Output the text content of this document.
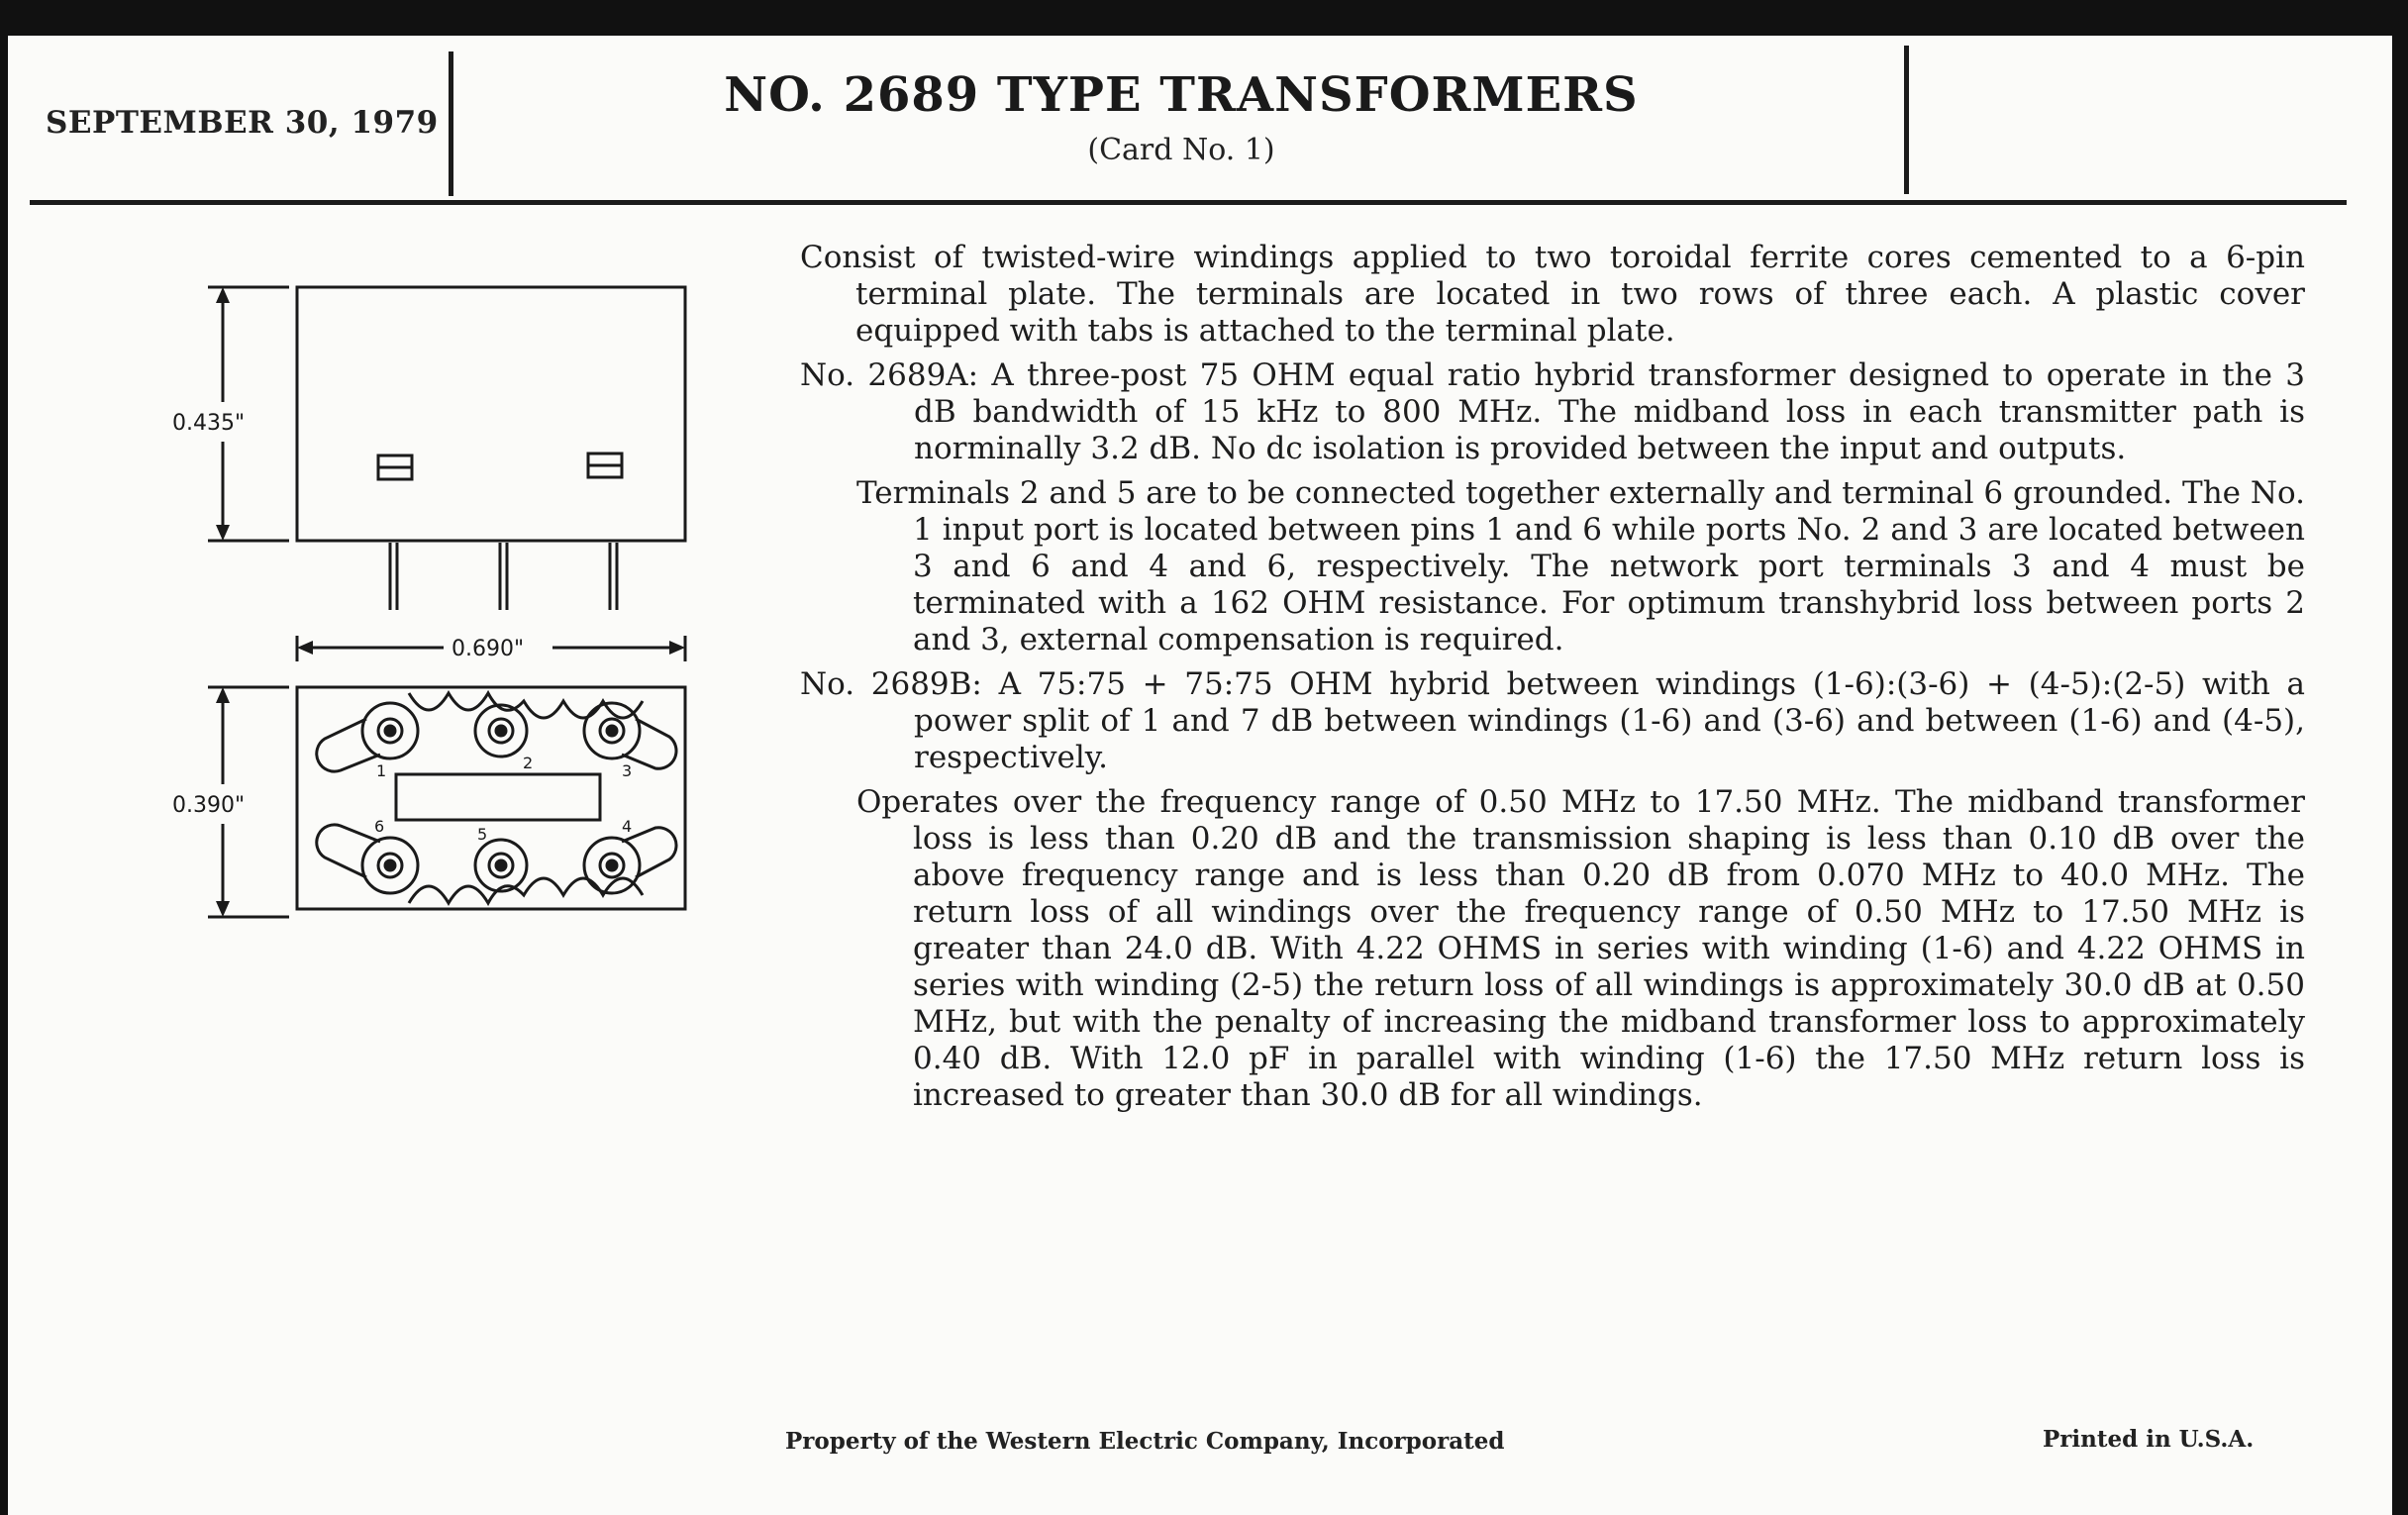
SEPTEMBER 30, 1979	NO. 2689 TYPE TRANSFORMERS
(Card No. 1)
0.435"
0.690"
0.390"
1	2	3
4
5
6

Consist of twisted-wire windings applied to two toroidal ferrite cores cemented to a 6-pin terminal plate. The terminals are located in two rows of three each. A plastic cover equipped with tabs is attached to the terminal plate.

No. 2689A: A three-post 75 OHM equal ratio hybrid transformer designed to operate in the 3 dB bandwidth of 15 kHz to 800 MHz. The midband loss in each transmitter path is norminally 3.2 dB. No dc isolation is provided between the input and outputs.

Terminals 2 and 5 are to be connected together externally and terminal 6 grounded. The No. 1 input port is located between pins 1 and 6 while ports No. 2 and 3 are located between 3 and 6 and 4 and 6, respectively. The network port terminals 3 and 4 must be terminated with a 162 OHM resistance. For optimum transhybrid loss between ports 2 and 3, external compensation is required.

No. 2689B: A 75:75 + 75:75 OHM hybrid between windings (1-6):(3-6) + (4-5):(2-5) with a power split of 1 and 7 dB between windings (1-6) and (3-6) and between (1-6) and (4-5), respectively.

Operates over the frequency range of 0.50 MHz to 17.50 MHz. The midband transformer loss is less than 0.20 dB and the transmission shaping is less than 0.10 dB over the above frequency range and is less than 0.20 dB from 0.070 MHz to 40.0 MHz. The return loss of all windings over the frequency range of 0.50 MHz to 17.50 MHz is greater than 24.0 dB. With 4.22 OHMS in series with winding (1-6) and 4.22 OHMS in series with winding (2-5) the return loss of all windings is approximately 30.0 dB at 0.50 MHz, but with the penalty of increasing the midband transformer loss to approximately 0.40 dB. With 12.0 pF in parallel with winding (1-6) the 17.50 MHz return loss is increased to greater than 30.0 dB for all windings.

Property of the Western Electric Company, Incorporated	Printed in U.S.A.
